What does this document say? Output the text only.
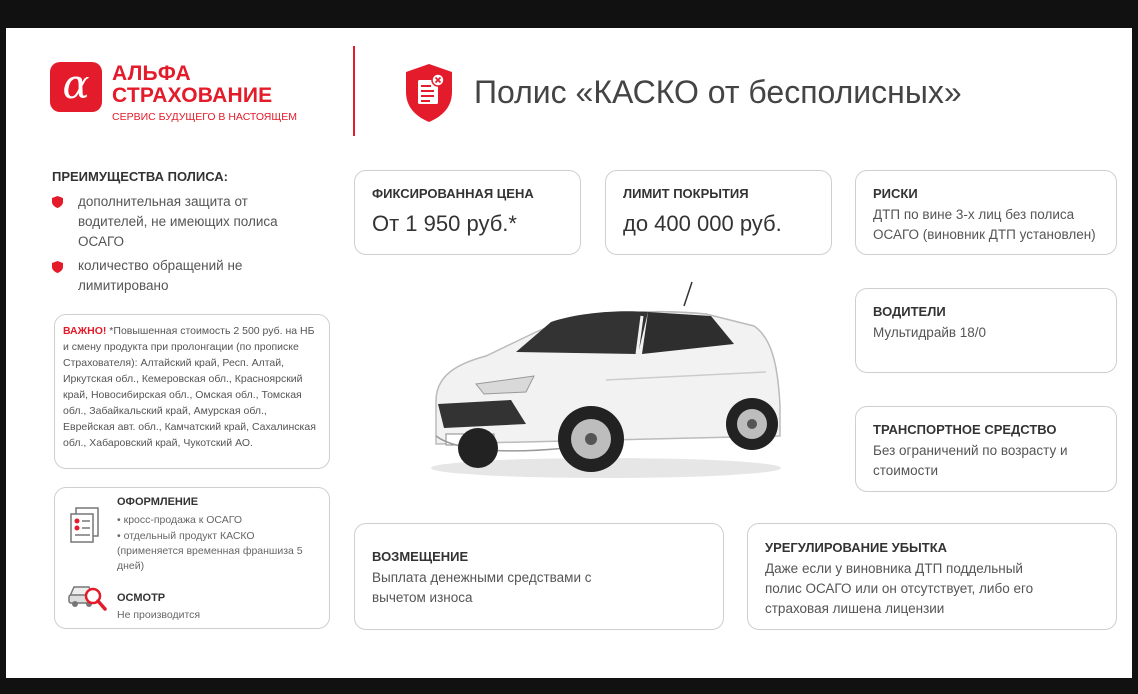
α	АЛЬФА
СТРАХОВАНИЕ
СЕРВИС БУДУЩЕГО В НАСТОЯЩЕМ
Полис «КАСКО от бесполисных»
ПРЕИМУЩЕСТВА ПОЛИСА:
дополнительная защита от водителей, не имеющих полиса ОСАГО
количество обращений не лимитировано
ВАЖНО! *Повышенная стоимость 2 500 руб. на НБ и смену продукта при пролонгации (по прописке Страхователя): Алтайский край, Респ. Алтай, Иркутская обл., Кемеровская обл., Красноярский край, Новосибирская обл., Омская обл., Томская обл., Забайкальский край, Амурская обл., Еврейская авт. обл., Камчатский край, Сахалинская обл., Хабаровский край, Чукотский АО.
ОФОРМЛЕНИЕ
• кросс-продажа к ОСАГО
• отдельный продукт КАСКО (применяется временная франшиза 5 дней)
ОСМОТР
Не производится
ФИКСИРОВАННАЯ ЦЕНА
От 1 950 руб.*
ЛИМИТ ПОКРЫТИЯ
до 400 000 руб.
РИСКИ
ДТП по вине 3-х лиц без полиса ОСАГО (виновник ДТП установлен)
ВОДИТЕЛИ
Мультидрайв 18/0
ТРАНСПОРТНОЕ СРЕДСТВО
Без ограничений по возрасту и стоимости
ВОЗМЕЩЕНИЕ
Выплата денежными средствами с вычетом износа
УРЕГУЛИРОВАНИЕ УБЫТКА
Даже если у виновника ДТП поддельный полис ОСАГО или он отсутствует, либо его страховая лишена лицензии
